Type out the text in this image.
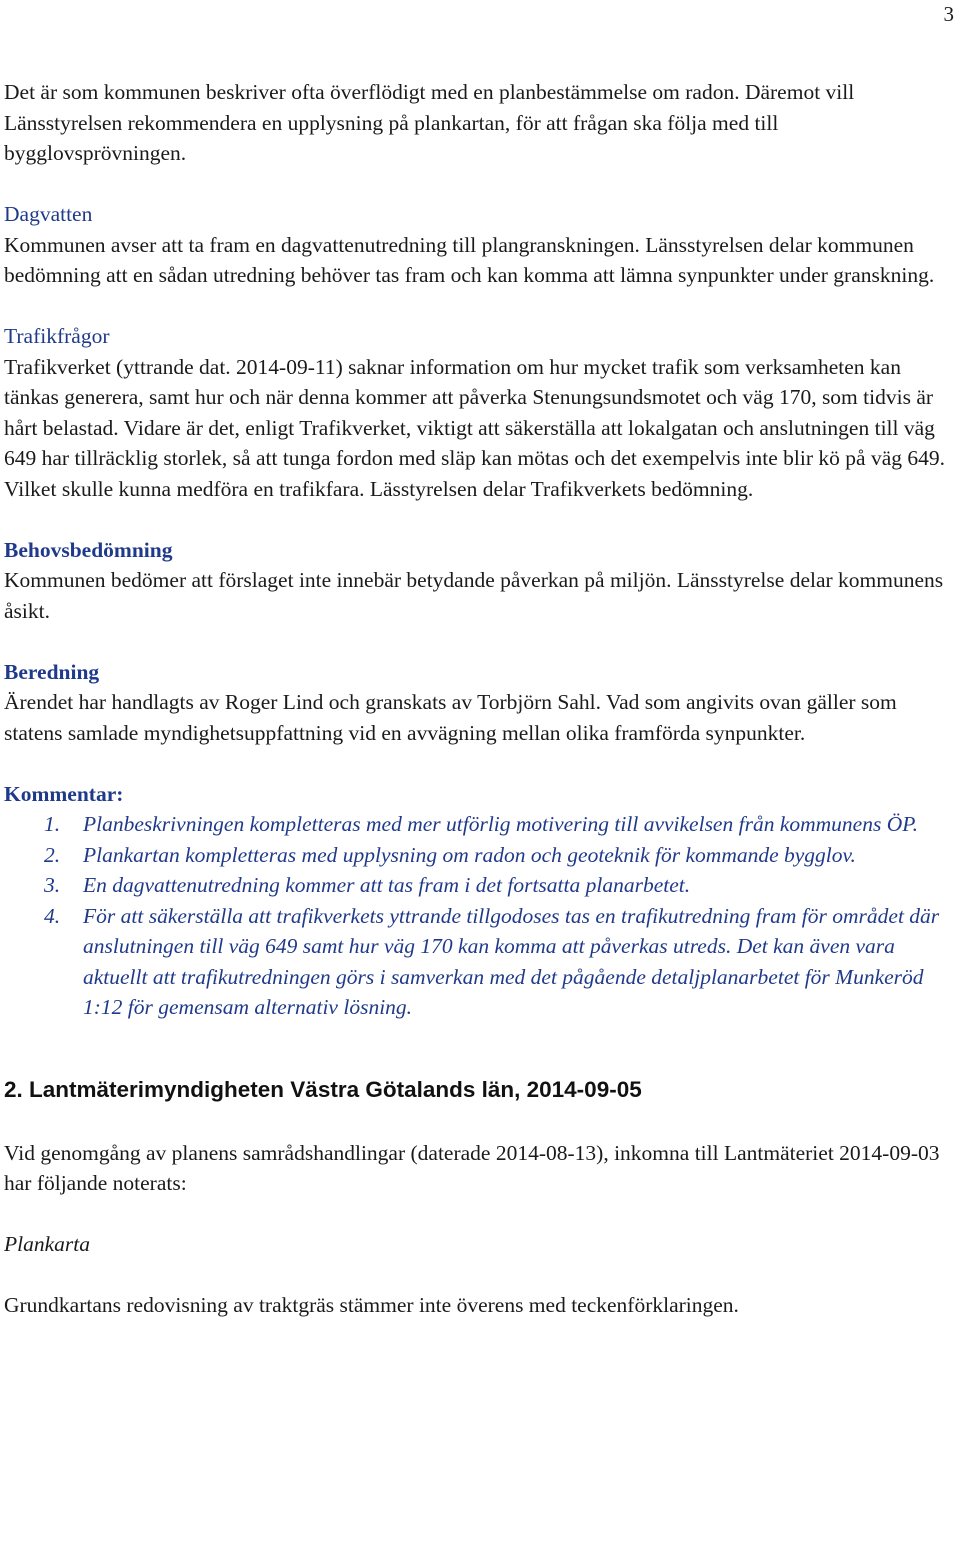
3

Det är som kommunen beskriver ofta överflödigt med en planbestämmelse om radon. Däremot vill Länsstyrelsen rekommendera en upplysning på plankartan, för att frågan ska följa med till bygglovsprövningen.

Dagvatten

Kommunen avser att ta fram en dagvattenutredning till plangranskningen. Länsstyrelsen delar kommunen bedömning att en sådan utredning behöver tas fram och kan komma att lämna synpunkter under granskning.

Trafikfrågor

Trafikverket (yttrande dat. 2014-09-11) saknar information om hur mycket trafik som verksamheten kan tänkas generera, samt hur och när denna kommer att påverka Stenungsundsmotet och väg 170, som tidvis är hårt belastad. Vidare är det, enligt Trafikverket, viktigt att säkerställa att lokalgatan och anslutningen till väg 649 har tillräcklig storlek, så att tunga fordon med släp kan mötas och det exempelvis inte blir kö på väg 649. Vilket skulle kunna medföra en trafikfara. Lässtyrelsen delar Trafikverkets bedömning.

Behovsbedömning

Kommunen bedömer att förslaget inte innebär betydande påverkan på miljön. Länsstyrelse delar kommunens åsikt.

Beredning

Ärendet har handlagts av Roger Lind och granskats av Torbjörn Sahl. Vad som angivits ovan gäller som statens samlade myndighetsuppfattning vid en avvägning mellan olika framförda synpunkter.

Kommentar:

1. Planbeskrivningen kompletteras med mer utförlig motivering till avvikelsen från kommunens ÖP.
2. Plankartan kompletteras med upplysning om radon och geoteknik för kommande bygglov.
3. En dagvattenutredning kommer att tas fram i det fortsatta planarbetet.
4. För att säkerställa att trafikverkets yttrande tillgodoses tas en trafikutredning fram för området där anslutningen till väg 649 samt hur väg 170 kan komma att påverkas utreds. Det kan även vara aktuellt att trafikutredningen görs i samverkan med det pågående detaljplanarbetet för Munkeröd 1:12 för gemensam alternativ lösning.
2. Lantmäterimyndigheten Västra Götalands län, 2014-09-05

Vid genomgång av planens samrådshandlingar (daterade 2014-08-13), inkomna till Lantmäteriet 2014-09-03 har följande noterats:

Plankarta

Grundkartans redovisning av traktgräs stämmer inte överens med teckenförklaringen.
